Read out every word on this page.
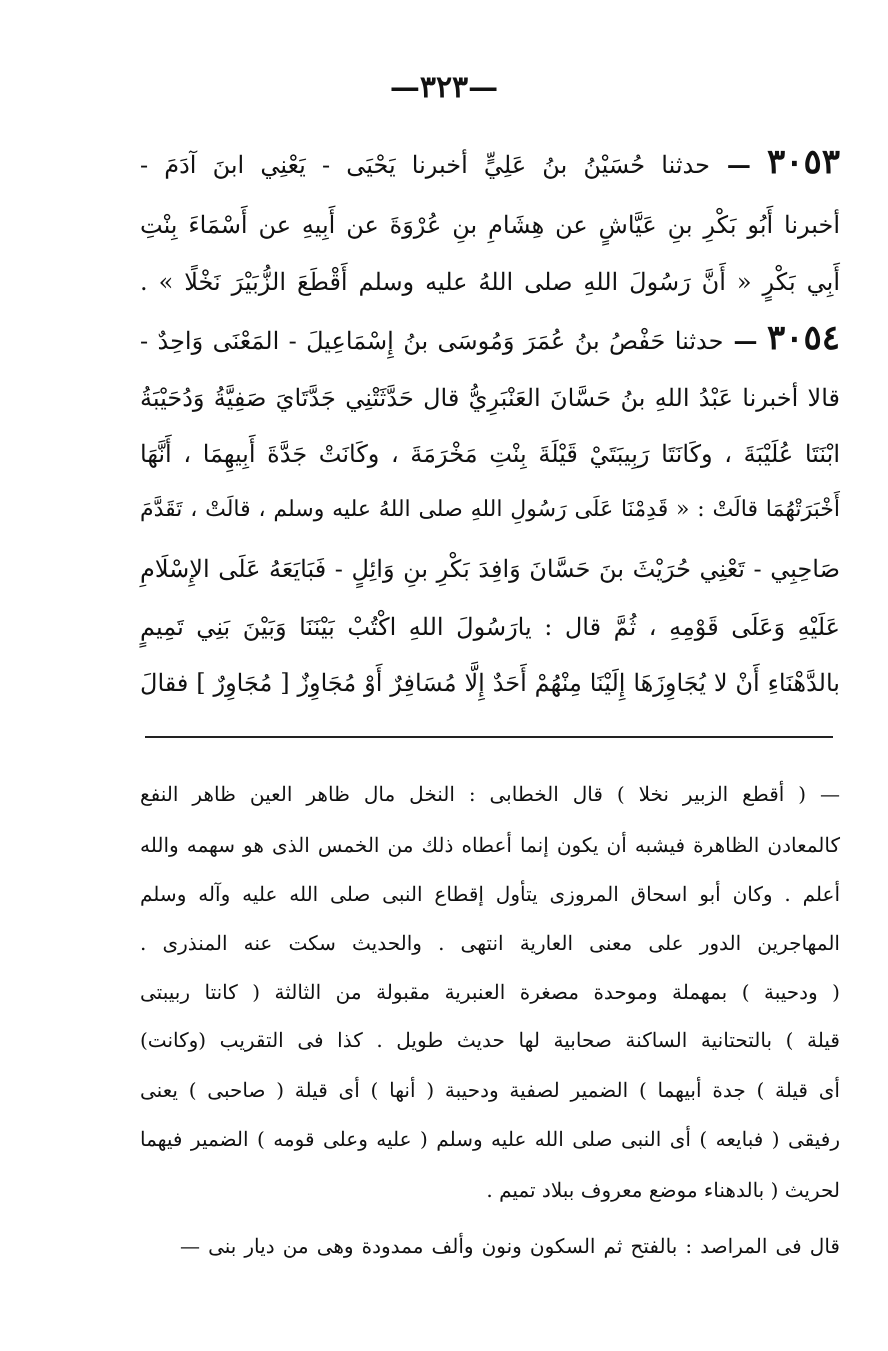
—٣٢٣—
٣٠٥٣ — حدثنا حُسَيْنُ بنُ عَلِيٍّ أخبرنا يَحْيَى - يَعْنِي ابنَ آدَمَ -
أخبرنا أَبُو بَكْرِ بنِ عَيَّاشٍ عن هِشَامِ بنِ عُرْوَةَ عن أَبِيهِ عن أَسْمَاءَ بِنْتِ
أَبِي بَكْرٍ « أَنَّ رَسُولَ اللهِ صلى اللهُ عليه وسلم أَقْطَعَ الزُّبَيْرَ نَخْلًا » .
٣٠٥٤ — حدثنا حَفْصُ بنُ عُمَرَ وَمُوسَى بنُ إِسْمَاعِيلَ - المَعْنَى وَاحِدٌ -
قالا أخبرنا عَبْدُ اللهِ بنُ حَسَّانَ العَنْبَرِيُّ قال حَدَّثَتْنِي جَدَّتَايَ صَفِيَّةُ وَدُحَيْبَةُ
ابْنَتَا عُلَيْبَةَ ، وكَانَتَا رَبِيبَتَيْ قَيْلَةَ بِنْتِ مَخْرَمَةَ ، وكَانَتْ جَدَّةَ أَبِيهِمَا ، أَنَّهَا
أَخْبَرَتْهُمَا قالَتْ : « قَدِمْنَا عَلَى رَسُولِ اللهِ صلى اللهُ عليه وسلم ، قالَتْ ، تَقَدَّمَ
صَاحِبِي - تَعْنِي حُرَيْثَ بنَ حَسَّانَ وَافِدَ بَكْرِ بنِ وَائِلٍ - فَبَايَعَهُ عَلَى الإِسْلَامِ
عَلَيْهِ وَعَلَى قَوْمِهِ ، ثُمَّ قال : يارَسُولَ اللهِ اكْتُبْ بَيْنَنَا وَبَيْنَ بَنِي تَمِيمٍ
بالدَّهْنَاءِ أَنْ لا يُجَاوِزَهَا إِلَيْنَا مِنْهُمْ أَحَدٌ إِلَّا مُسَافِرٌ أَوْ مُجَاوِزٌ [ مُجَاوِرٌ ] فقالَ
— ( أقطع الزبير نخلا ) قال الخطابى : النخل مال ظاهر العين ظاهر النفع
كالمعادن الظاهرة فيشبه أن يكون إنما أعطاه ذلك من الخمس الذى هو سهمه والله
أعلم . وكان أبو اسحاق المروزى يتأول إقطاع النبى صلى الله عليه وآله وسلم
المهاجرين الدور على معنى العارية انتهى . والحديث سكت عنه المنذرى .
( ودحيبة ) بمهملة وموحدة مصغرة العنبرية مقبولة من الثالثة ( كانتا ربيبتى
قيلة ) بالتحتانية الساكنة صحابية لها حديث طويل . كذا فى التقريب (وكانت)
أى قيلة ) جدة أبيهما ) الضمير لصفية ودحيبة ( أنها ) أى قيلة ( صاحبى ) يعنى
رفيقى ( فبايعه ) أى النبى صلى الله عليه وسلم ( عليه وعلى قومه ) الضمير فيهما
لحريث ( بالدهناء موضع معروف ببلاد تميم .
قال فى المراصد : بالفتح ثم السكون ونون وألف ممدودة وهى من ديار بنى —
